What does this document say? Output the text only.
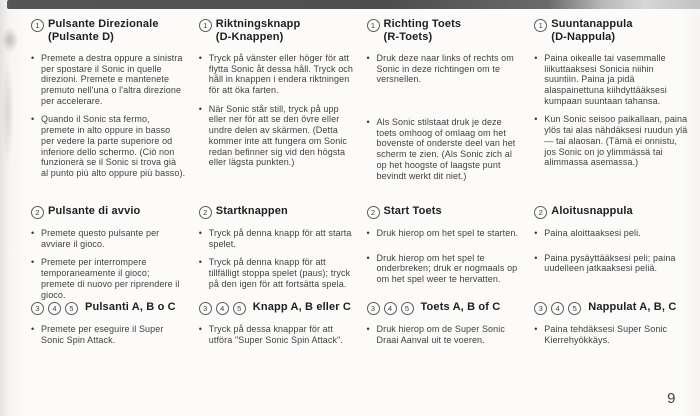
1 Pulsante Direzionale
(Pulsante D)

• Premete a destra oppure a sinistra per spostare il Sonic in quelle direzioni. Premete e mantenete premuto nell'una o l'altra direzione per accelerare.

• Quando il Sonic sta fermo, premete in alto oppure in basso per vedere la parte superiore od inferiore dello schermo. (Ciò non funzionerà se il Sonic si trova già al punto più alto oppure più basso).

2 Pulsante di avvio

• Premete questo pulsante per avviare il gioco.

• Premete per interrompere temporaneamente il gioco; premete di nuovo per riprendere il gioco.

3	4	5	Pulsanti A, B o C

• Premete per eseguire il Super Sonic Spin Attack.

1 Riktningsknapp
(D-Knappen)

• Tryck på vänster eller höger för att flytta Sonic åt dessa håll. Tryck och håll in knappen i endera riktningen för att öka farten.

• När Sonic står still, tryck på upp eller ner för att se den övre eller undre delen av skärmen. (Detta kommer inte att fungera om Sonic redan befinner sig vid den högsta eller lägsta punkten.)

2 Startknappen

• Tryck på denna knapp för att starta spelet.

• Tryck på denna knapp för att tillfälligt stoppa spelet (paus); tryck på den igen för att fortsätta spela.

3	4	5	Knapp A, B eller C

• Tryck på dessa knappar för att utföra "Super Sonic Spin Attack".

1 Richting Toets
(R-Toets)

• Druk deze naar links of rechts om Sonic in deze richtingen om te versnellen.

• Als Sonic stilstaat druk je deze toets omhoog of omlaag om het bovenste of onderste deel van het scherm te zien. (Als Sonic zich al op het hoogste of laagste punt bevindt werkt dit niet.)

2 Start Toets

• Druk hierop om het spel te starten.

• Druk hierop om het spel te onderbreken; druk er nogmaals op om het spel weer te hervatten.

3	4	5	Toets A, B of C

• Druk hierop om de Super Sonic Draai Aanval uit te voeren.

1 Suuntanappula
(D-Nappula)

• Paina oikealle tai vasemmalle liikuttaaksesi Sonicia niihin suuntiin. Paina ja pidä alaspainettuna kiihdyttääksesi kumpaan suuntaan tahansa.

• Kun Sonic seisoo paikallaan, paina ylös tai alas nähdäksesi ruudun ylä — tai alaosan. (Tämä ei onnistu, jos Sonic on jo ylimmässä tai alimmassa asemassa.)

2 Aloitusnappula

• Paina aloittaaksesi peli.

• Paina pysäyttääksesi peli; paina uudelleen jatkaaksesi peliä.

3	4	5	Nappulat A, B, C

• Paina tehdäksesi Super Sonic Kierrehyökkäys.

9
